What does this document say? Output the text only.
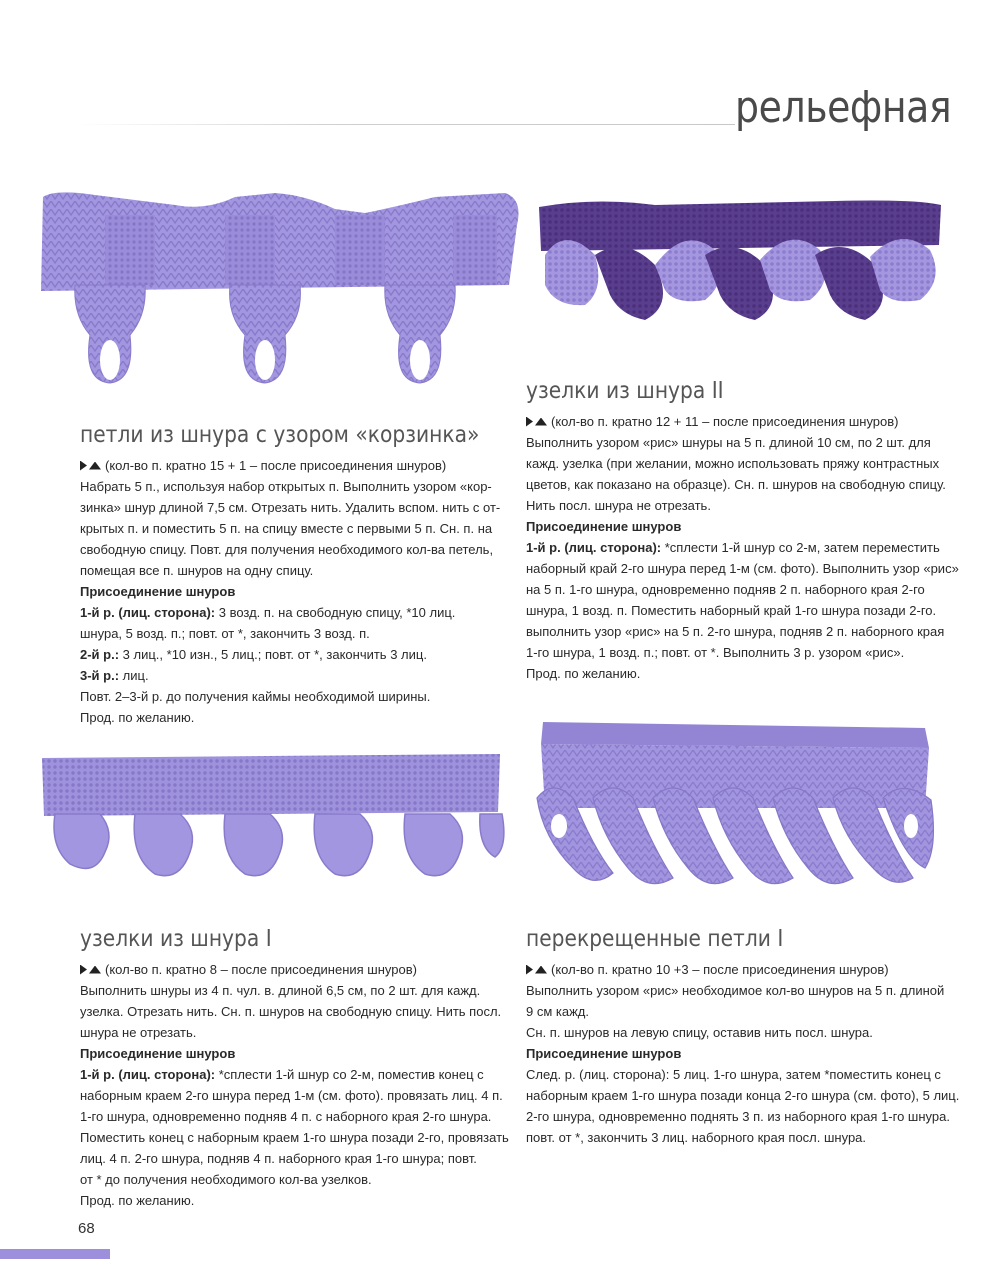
рельефная
узелки из шнура II

(кол-во п. кратно 12 + 11 – после присоединения шнуров)

Выполнить узором «рис» шнуры на 5 п. длиной 10 см, по 2 шт. для

кажд. узелка (при желании, можно использовать пряжу контрастных

цветов, как показано на образце). Сн. п. шнуров на свободную спицу.

Нить посл. шнура не отрезать.

Присоединение шнуров

1-й р. (лиц. сторона): *сплести 1-й шнур со 2-м, затем переместить

наборный край 2-го шнура перед 1-м (см. фото). Выполнить узор «рис»

на 5 п. 1-го шнура, одновременно подняв 2 п. наборного края 2-го

шнура, 1 возд. п. Поместить наборный край 1-го шнура позади 2-го.

выполнить узор «рис» на 5 п. 2-го шнура, подняв 2 п. наборного края

1-го шнура, 1 возд. п.; повт. от *. Выполнить 3 р. узором «рис».

Прод. по желанию.

петли из шнура с узором «корзинка»

(кол-во п. кратно 15 + 1 – после присоединения шнуров)

Набрать 5 п., используя набор открытых п. Выполнить узором «кор-

зинка» шнур длиной 7,5 см. Отрезать нить. Удалить вспом. нить с от-

крытых п. и поместить 5 п. на спицу вместе с первыми 5 п. Сн. п. на

свободную спицу. Повт. для получения необходимого кол-ва петель,

помещая все п. шнуров на одну спицу.

Присоединение шнуров

1-й р. (лиц. сторона): 3 возд. п. на свободную спицу, *10 лиц.

шнура, 5 возд. п.; повт. от *, закончить 3 возд. п.

2-й р.: 3 лиц., *10 изн., 5 лиц.; повт. от *, закончить 3 лиц.

3-й р.: лиц.

Повт. 2–3-й р. до получения каймы необходимой ширины.

Прод. по желанию.

узелки из шнура I

(кол-во п. кратно 8 – после присоединения шнуров)

Выполнить шнуры из 4 п. чул. в. длиной 6,5 см, по 2 шт. для кажд.

узелка. Отрезать нить. Сн. п. шнуров на свободную спицу. Нить посл.

шнура не отрезать.

Присоединение шнуров

1-й р. (лиц. сторона): *сплести 1-й шнур со 2-м, поместив конец с

наборным краем 2-го шнура перед 1-м (см. фото). провязать лиц. 4 п.

1-го шнура, одновременно подняв 4 п. с наборного края 2-го шнура.

Поместить конец с наборным краем 1-го шнура позади 2-го, провязать

лиц. 4 п. 2-го шнура, подняв 4 п. наборного края 1-го шнура; повт.

от * до получения необходимого кол-ва узелков.

Прод. по желанию.

перекрещенные петли I

(кол-во п. кратно 10 +3 – после присоединения шнуров)

Выполнить узором «рис» необходимое кол-во шнуров на 5 п. длиной

9 см кажд.

Сн. п. шнуров на левую спицу, оставив нить посл. шнура.

Присоединение шнуров

След. р. (лиц. сторона): 5 лиц. 1-го шнура, затем *поместить конец с

наборным краем 1-го шнура позади конца 2-го шнура (см. фото), 5 лиц.

2-го шнура, одновременно поднять 3 п. из наборного края 1-го шнура.

повт. от *, закончить 3 лиц. наборного края посл. шнура.

68
